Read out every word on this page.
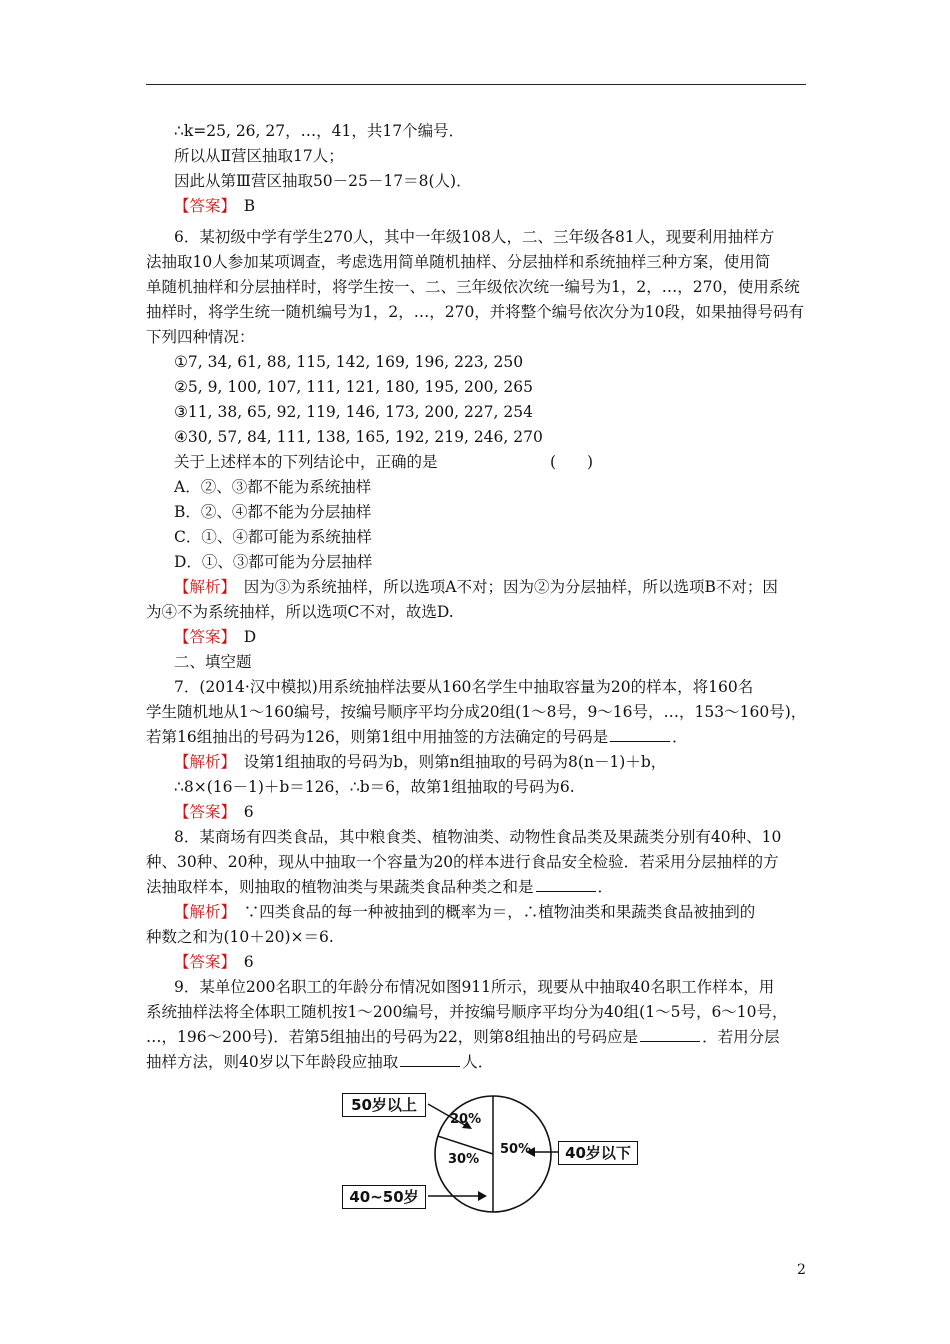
∴k=25, 26, 27，…，41，共17个编号．
所以从Ⅱ营区抽取17人；
因此从第Ⅲ营区抽取50－25－17＝8(人)．
【答案】　 B
6．某初级中学有学生270人，其中一年级108人，二、三年级各81人，现要利用抽样方
法抽取10人参加某项调查，考虑选用简单随机抽样、分层抽样和系统抽样三种方案，使用简
单随机抽样和分层抽样时，将学生按一、二、三年级依次统一编号为1，2，…，270，使用系统
抽样时，将学生统一随机编号为1，2，…，270，并将整个编号依次分为10段，如果抽得号码有
下列四种情况：
①7, 34, 61, 88, 115, 142, 169, 196, 223, 250
②5, 9, 100, 107, 111, 121, 180, 195, 200, 265
③11, 38, 65, 92, 119, 146, 173, 200, 227, 254
④30, 57, 84, 111, 138, 165, 192, 219, 246, 270
关于上述样本的下列结论中，正确的是	(　　)
A．②、③都不能为系统抽样
B．②、④都不能为分层抽样
C．①、④都可能为系统抽样
D．①、③都可能为分层抽样
【解析】　 因为③为系统抽样，所以选项A不对；因为②为分层抽样，所以选项B不对；因
为④不为系统抽样，所以选项C不对，故选D.
【答案】　 D
二、填空题
7．(2014·汉中模拟)用系统抽样法要从160名学生中抽取容量为20的样本，将160名
学生随机地从1～160编号，按编号顺序平均分成20组(1～8号，9～16号，…，153～160号)，
若第16组抽出的号码为126，则第1组中用抽签的方法确定的号码是	．
【解析】　 设第1组抽取的号码为b，则第n组抽取的号码为8(n－1)＋b，
∴8×(16－1)＋b＝126，∴b＝6，故第1组抽取的号码为6.
【答案】　 6
8．某商场有四类食品，其中粮食类、植物油类、动物性食品类及果蔬类分别有40种、10
种、30种、20种，现从中抽取一个容量为20的样本进行食品安全检验．若采用分层抽样的方
法抽取样本，则抽取的植物油类与果蔬类食品种类之和是	．
【解析】　 ∵四类食品的每一种被抽到的概率为＝，∴植物油类和果蔬类食品被抽到的
种数之和为(10＋20)×＝6.
【答案】　 6
9．某单位200名职工的年龄分布情况如图911所示，现要从中抽取40名职工作样本，用
系统抽样法将全体职工随机按1～200编号，并按编号顺序平均分为40组(1～5号，6～10号，
…，196～200号)．若第5组抽出的号码为22，则第8组抽出的号码应是	．若用分层
抽样方法，则40岁以下年龄段应抽取	人．
50岁以上
40~50岁
40岁以下
20%
30%
50%
2
